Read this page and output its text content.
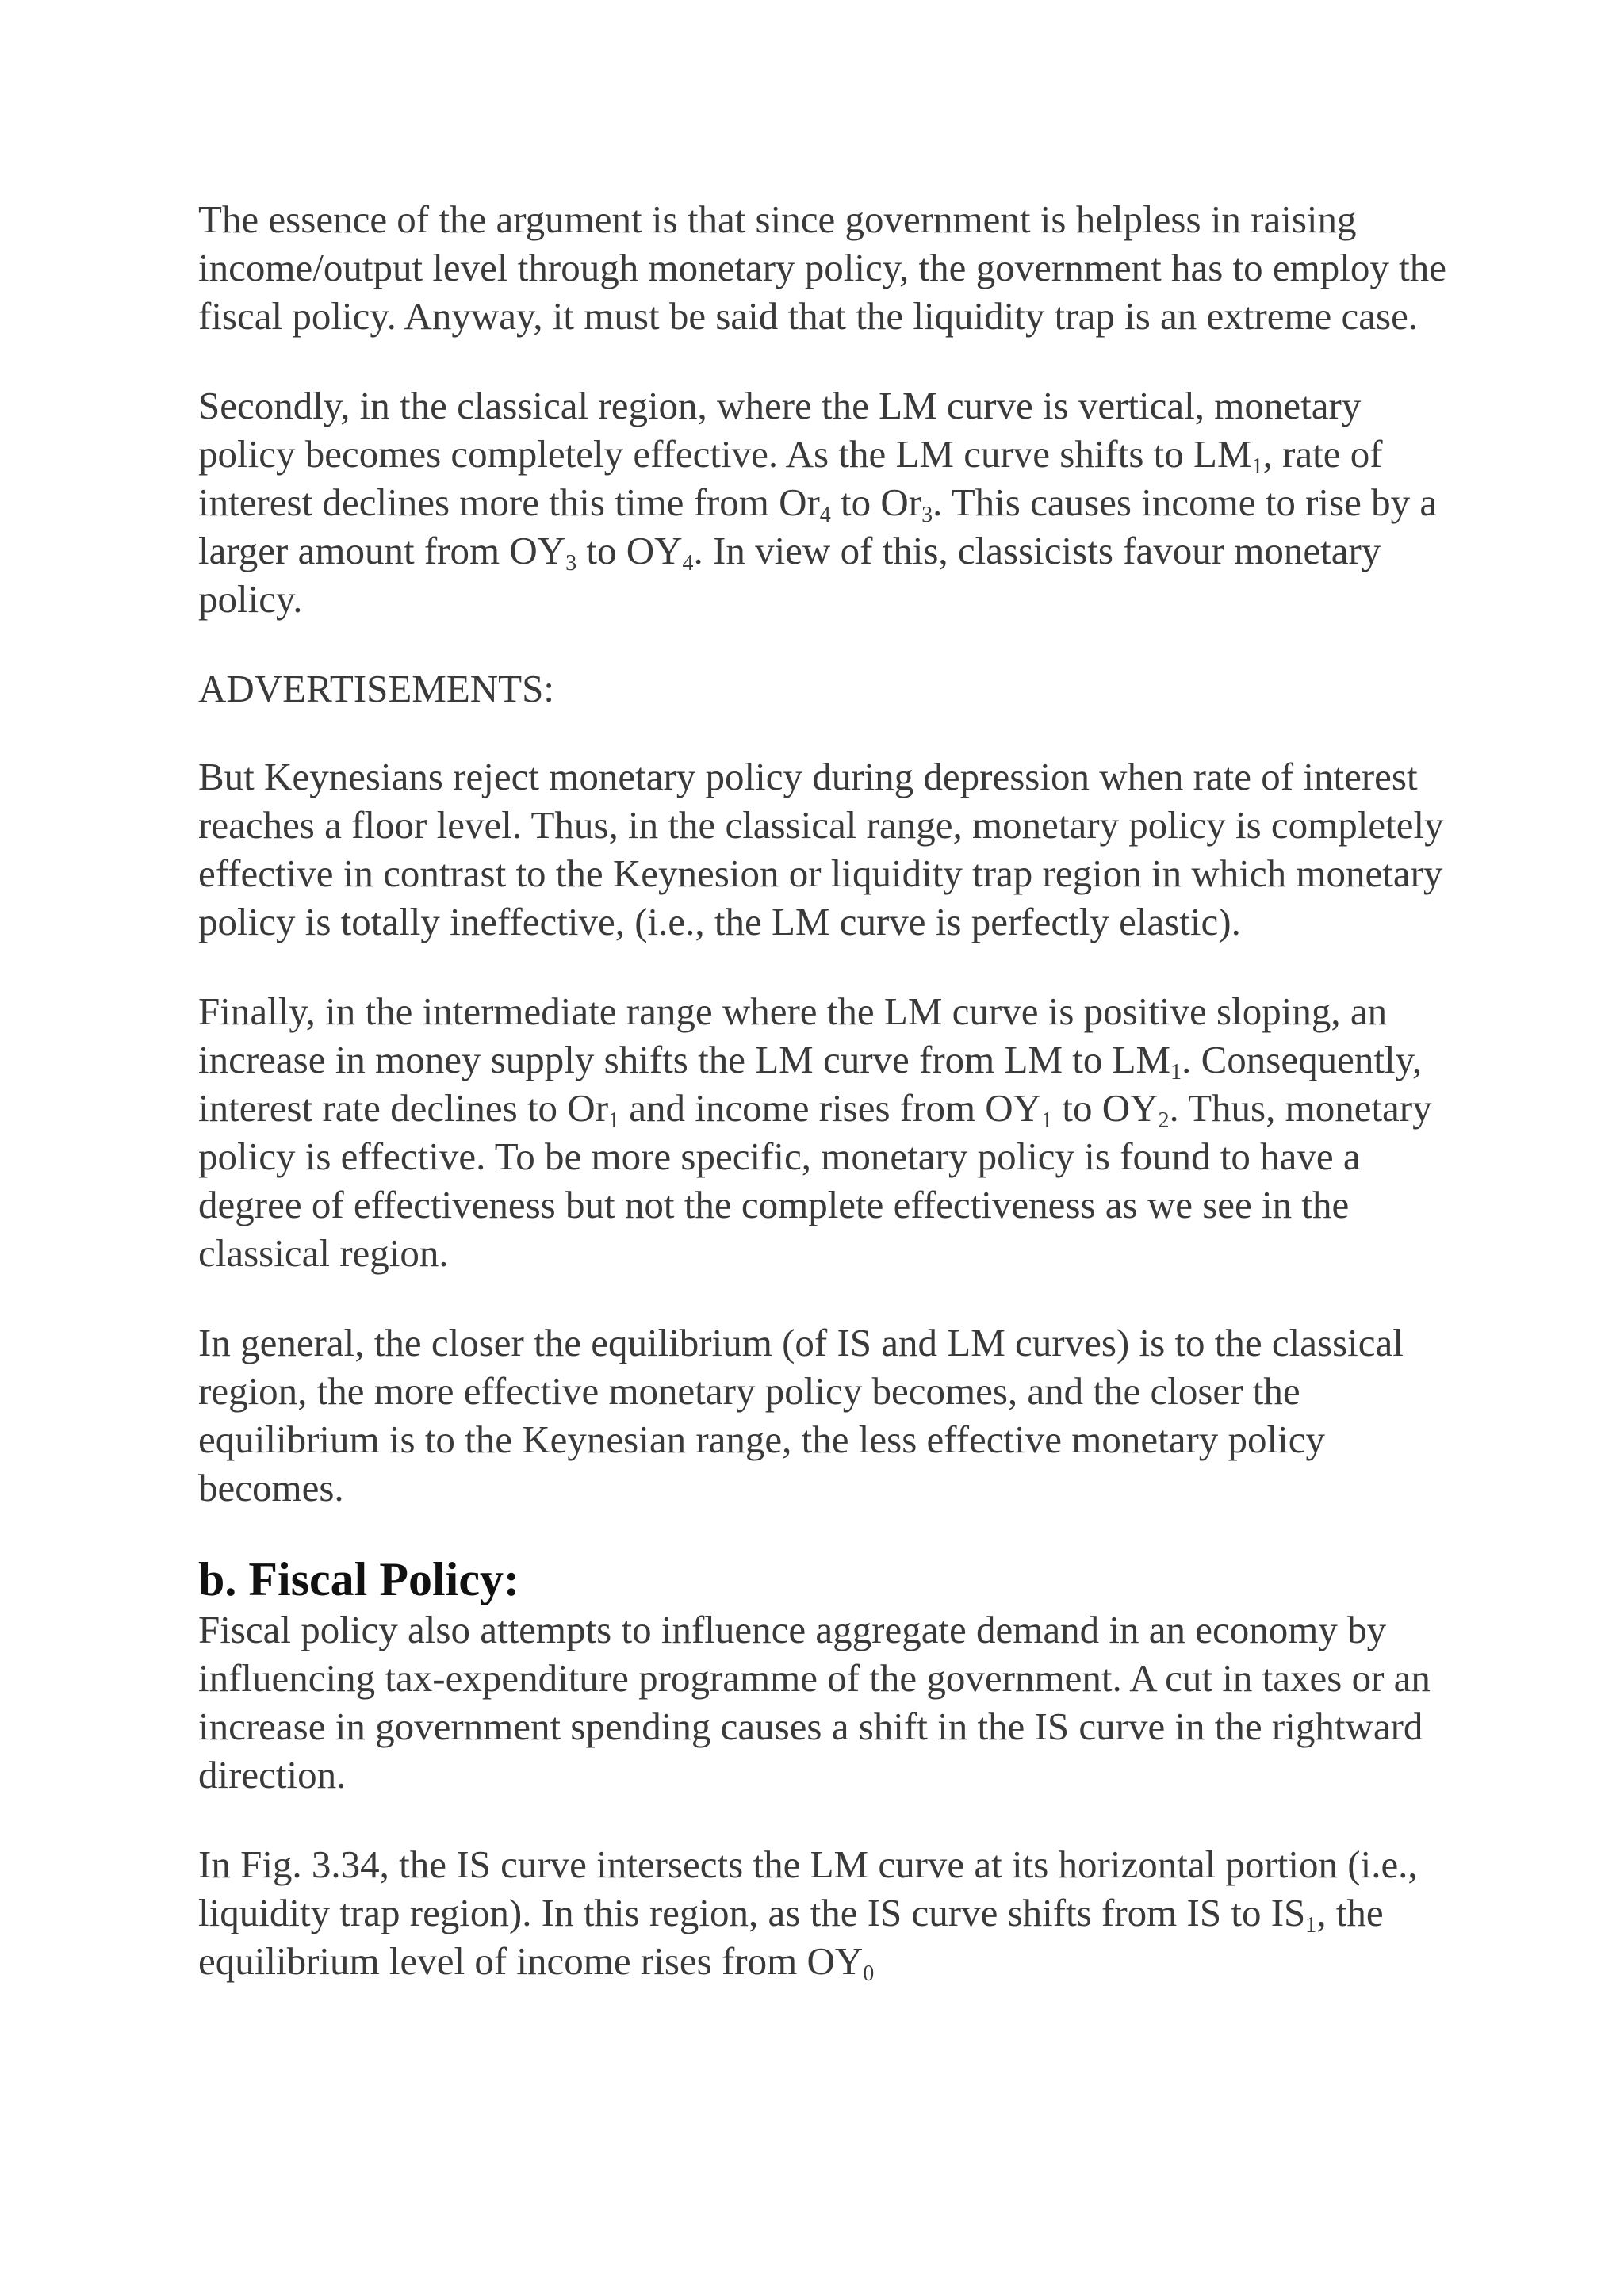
The essence of the argument is that since government is helpless in raising income/output level through monetary policy, the government has to employ the fiscal policy. Anyway, it must be said that the liquidity trap is an extreme case.

Secondly, in the classical region, where the LM curve is vertical, monetary policy becomes completely effective. As the LM curve shifts to $LM_1$, rate of interest declines more this time from $Or_4$ to $Or_3$. This causes income to rise by a larger amount from $OY_3$ to $OY_4$. In view of this, classicists favour monetary policy.

ADVERTISEMENTS:

But Keynesians reject monetary policy during depression when rate of interest reaches a floor level. Thus, in the classical range, monetary policy is completely effective in contrast to the Keynesion or liquidity trap region in which monetary policy is totally ineffective, (i.e., the LM curve is perfectly elastic).

Finally, in the intermediate range where the LM curve is positive sloping, an increase in money supply shifts the LM curve from LM to $LM_1$. Consequently, interest rate declines to $Or_1$ and income rises from $OY_1$ to $OY_2$. Thus, monetary policy is effective. To be more specific, monetary policy is found to have a degree of effectiveness but not the complete effectiveness as we see in the classical region.

In general, the closer the equilibrium (of IS and LM curves) is to the classical region, the more effective monetary policy becomes, and the closer the equilibrium is to the Keynesian range, the less effective monetary policy becomes.

b. Fiscal Policy:

Fiscal policy also attempts to influence aggregate demand in an economy by influencing tax-expenditure programme of the government. A cut in taxes or an increase in government spending causes a shift in the IS curve in the rightward direction.

In Fig. 3.34, the IS curve intersects the LM curve at its horizontal portion (i.e., liquidity trap region). In this region, as the IS curve shifts from IS to $IS_1$, the equilibrium level of income rises from $OY_0$
